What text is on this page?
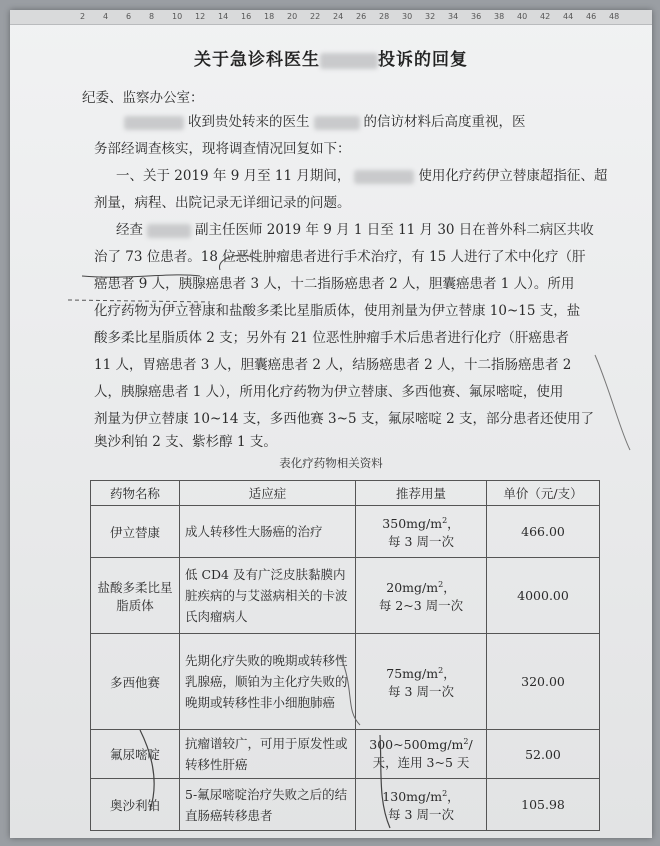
2 4 6 8 10 12 14 16 18 20 22 24 26 28 30 32 34 36 38 40 42 44 46 48
关于急诊科医生	投诉的回复
纪委、监察办公室：
收到贵处转来的医生	的信访材料后高度重视，医
务部经调查核实，现将调查情况回复如下：
一、关于 2019 年 9 月至 11 月期间，	使用化疗药伊立替康超指征、超
剂量，病程、出院记录无详细记录的问题。
经查	副主任医师 2019 年 9 月 1 日至 11 月 30 日在普外科二病区共收
治了 73 位患者。18 位恶性肿瘤患者进行手术治疗，有 15 人进行了术中化疗（肝
癌患者 9 人，胰腺癌患者 3 人，十二指肠癌患者 2 人，胆囊癌患者 1 人）。所用
化疗药物为伊立替康和盐酸多柔比星脂质体，使用剂量为伊立替康 10~15 支，盐
酸多柔比星脂质体 2 支；另外有 21 位恶性肿瘤手术后患者进行化疗（肝癌患者
11 人，胃癌患者 3 人，胆囊癌患者 2 人，结肠癌患者 2 人，十二指肠癌患者 2
人，胰腺癌患者 1 人），所用化疗药物为伊立替康、多西他赛、氟尿嘧啶，使用
剂量为伊立替康 10~14 支，多西他赛 3~5 支，氟尿嘧啶 2 支，部分患者还使用了
奥沙利铂 2 支、紫杉醇 1 支。
表化疗药物相关资料
药物名称	适应症	推荐用量	单价（元/支）
伊立替康	成人转移性大肠癌的治疗	$350mg/m^2$，
每 3 周一次	466.00
盐酸多柔比星脂质体	低 CD4 及有广泛皮肤黏膜内脏疾病的与艾滋病相关的卡波氏肉瘤病人	$20mg/m^2$，
每 2~3 周一次	4000.00
多西他赛	先期化疗失败的晚期或转移性乳腺癌，顺铂为主化疗失败的晚期或转移性非小细胞肺癌	$75mg/m^2$，
每 3 周一次	320.00
氟尿嘧啶	抗瘤谱较广，可用于原发性或转移性肝癌	$300\sim 500mg/m^2/$
天，连用 3~5 天	52.00
奥沙利铂	5-氟尿嘧啶治疗失败之后的结直肠癌转移患者	$130mg/m^2$，
每 3 周一次	105.98
